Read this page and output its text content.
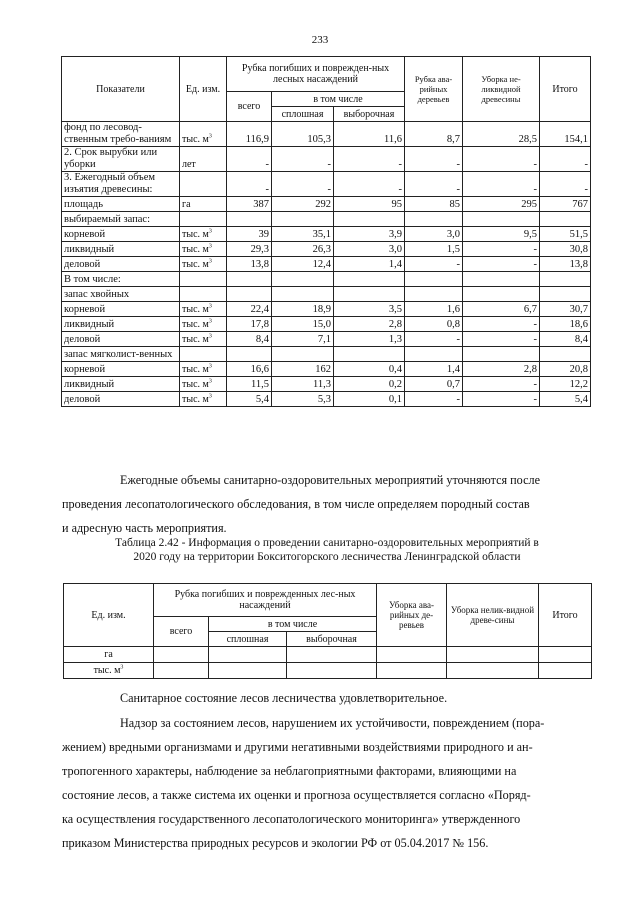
233
Показатели	Ед. изм.	Рубка погибших и поврежден-ных лесных насаждений			Рубка ава-рийных деревьев	Уборка не-ликвидной древесины	Итого
		всего	в том числе				
			сплошная	выборочная			
фонд по лесовод-ственным требо-ваниям	тыс. $м^3$	116,9	105,3	11,6	8,7	28,5	154,1
2. Срок вырубки или уборки	лет	-	-	-	-	-	-
3. Ежегодный объем изъятия древесины:		-	-	-	-	-	-
площадь	га	387	292	95	85	295	767
выбираемый запас:							
корневой	тыс. $м^3$	39	35,1	3,9	3,0	9,5	51,5
ликвидный	тыс. $м^3$	29,3	26,3	3,0	1,5	-	30,8
деловой	тыс. $м^3$	13,8	12,4	1,4	-	-	13,8
В том числе:							
запас хвойных							
корневой	тыс. $м^3$	22,4	18,9	3,5	1,6	6,7	30,7
ликвидный	тыс. $м^3$	17,8	15,0	2,8	0,8	-	18,6
деловой	тыс. $м^3$	8,4	7,1	1,3	-	-	8,4
запас мягколист-венных							
корневой	тыс. $м^3$	16,6	162	0,4	1,4	2,8	20,8
ликвидный	тыс. $м^3$	11,5	11,3	0,2	0,7	-	12,2
деловой	тыс. $м^3$	5,4	5,3	0,1	-	-	5,4
Ежегодные объемы санитарно-оздоровительных мероприятий уточняются после
проведения лесопатологического обследования, в том числе определяем породный состав
и адресную часть мероприятия.
Таблица 2.42 - Информация о проведении санитарно-оздоровительных мероприятий в
2020 году на территории Бокситогорского лесничества Ленинградской области
Ед. изм.	Рубка погибших и поврежденных лес-ных насаждений			Уборка ава-рийных де-ревьев	Уборка нелик-видной древе-сины	Итого
	всего	в том числе				
		сплошная	выборочная			
га						
тыс. $м^3$						
Санитарное состояние лесов лесничества удовлетворительное.
Надзор за состоянием лесов, нарушением их устойчивости, повреждением (пора-
жением) вредными организмами и другими негативными воздействиями природного и ан-
тропогенного характеры, наблюдение за неблагоприятными факторами, влияющими на
состояние лесов, а также система их оценки и прогноза осуществляется согласно «Поряд-
ка осуществления государственного лесопатологического мониторинга» утвержденного
приказом Министерства природных ресурсов и экологии РФ от 05.04.2017 № 156.
